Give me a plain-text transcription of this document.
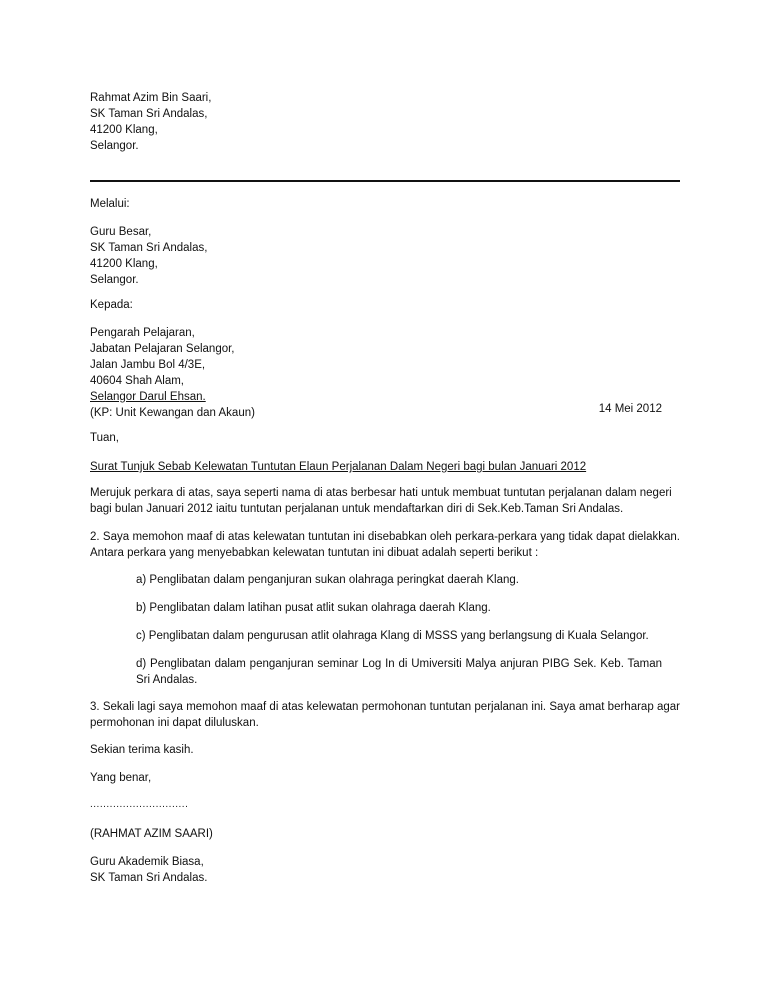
Rahmat Azim Bin Saari,
SK Taman Sri Andalas,
41200 Klang,
Selangor.
Melalui:
Guru Besar,
SK Taman Sri Andalas,
41200 Klang,
Selangor.
Kepada:
Pengarah Pelajaran,
Jabatan Pelajaran Selangor,
Jalan Jambu Bol 4/3E,
40604 Shah Alam,
Selangor Darul Ehsan.
(KP: Unit Kewangan dan Akaun)	14 Mei 2012
Tuan,
Surat Tunjuk Sebab Kelewatan Tuntutan Elaun Perjalanan Dalam Negeri bagi bulan Januari 2012
Merujuk perkara di atas, saya seperti nama di atas berbesar hati untuk membuat tuntutan perjalanan dalam negeri bagi bulan Januari 2012 iaitu tuntutan perjalanan untuk mendaftarkan diri di Sek.Keb.Taman Sri Andalas.
2. Saya memohon maaf di atas kelewatan tuntutan ini disebabkan oleh perkara-perkara yang tidak dapat dielakkan. Antara perkara yang menyebabkan kelewatan tuntutan ini dibuat adalah seperti berikut :
a) Penglibatan dalam penganjuran sukan olahraga peringkat daerah Klang.
b) Penglibatan dalam latihan pusat atlit sukan olahraga daerah Klang.
c) Penglibatan dalam pengurusan atlit olahraga Klang di MSSS yang berlangsung di Kuala Selangor.
d) Penglibatan dalam penganjuran seminar Log In di Umiversiti Malya anjuran PIBG Sek. Keb. Taman Sri Andalas.
3. Sekali lagi saya memohon maaf di atas kelewatan permohonan tuntutan perjalanan ini. Saya amat berharap agar permohonan ini dapat diluluskan.
Sekian terima kasih.
Yang benar,
..............................
(RAHMAT AZIM SAARI)
Guru Akademik Biasa,
SK Taman Sri Andalas.
